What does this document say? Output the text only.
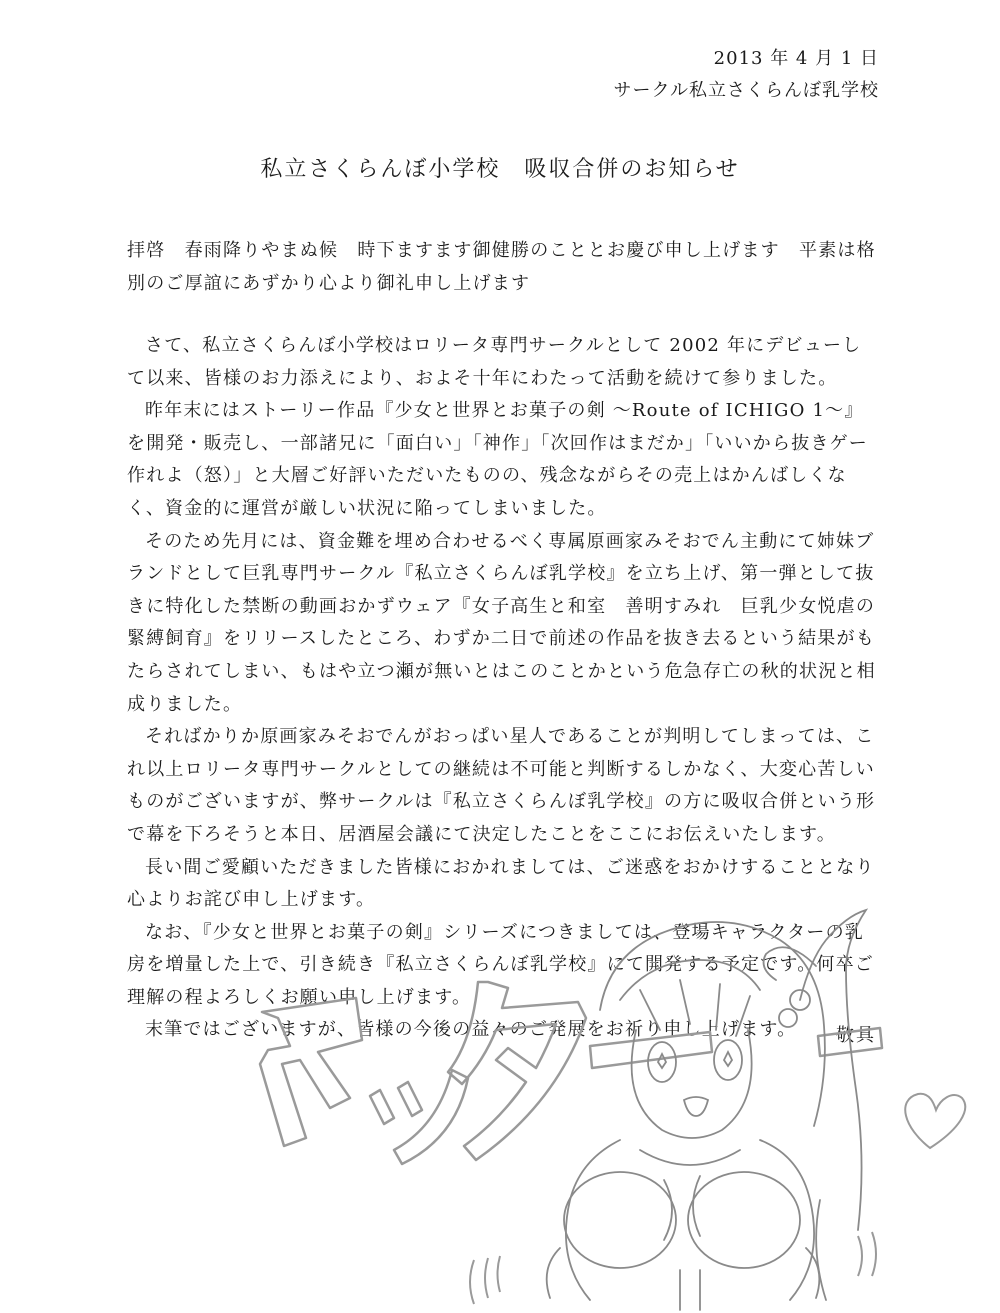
2013 年 4 月 1 日
サークル私立さくらんぼ乳学校
私立さくらんぼ小学校　吸収合併のお知らせ
拝啓　春雨降りやまぬ候　時下ますます御健勝のこととお慶び申し上げます　平素は格別のご厚誼にあずかり心より御礼申し上げます

さて、私立さくらんぼ小学校はロリータ専門サークルとして 2002 年にデビューして以来、皆様のお力添えにより、およそ十年にわたって活動を続けて参りました。

昨年末にはストーリー作品『少女と世界とお菓子の剣 〜Route of ICHIGO 1〜』を開発・販売し、一部諸兄に「面白い」「神作」「次回作はまだか」「いいから抜きゲー作れよ（怒）」と大層ご好評いただいたものの、残念ながらその売上はかんばしくなく、資金的に運営が厳しい状況に陥ってしまいました。

そのため先月には、資金難を埋め合わせるべく専属原画家みそおでん主動にて姉妹ブランドとして巨乳専門サークル『私立さくらんぼ乳学校』を立ち上げ、第一弾として抜きに特化した禁断の動画おかずウェア『女子高生と和室　善明すみれ　巨乳少女悦虐の緊縛飼育』をリリースしたところ、わずか二日で前述の作品を抜き去るという結果がもたらされてしまい、もはや立つ瀬が無いとはこのことかという危急存亡の秋的状況と相成りました。

そればかりか原画家みそおでんがおっぱい星人であることが判明してしまっては、これ以上ロリータ専門サークルとしての継続は不可能と判断するしかなく、大変心苦しいものがございますが、弊サークルは『私立さくらんぼ乳学校』の方に吸収合併という形で幕を下ろそうと本日、居酒屋会議にて決定したことをここにお伝えいたします。

長い間ご愛顧いただきました皆様におかれましては、ご迷惑をおかけすることとなり心よりお詫び申し上げます。

なお、『少女と世界とお菓子の剣』シリーズにつきましては、登場キャラクターの乳房を増量した上で、引き続き『私立さくらんぼ乳学校』にて開発する予定です。何卒ご理解の程よろしくお願い申し上げます。

末筆ではございますが、皆様の今後の益々のご発展をお祈り申し上げます。	敬具
